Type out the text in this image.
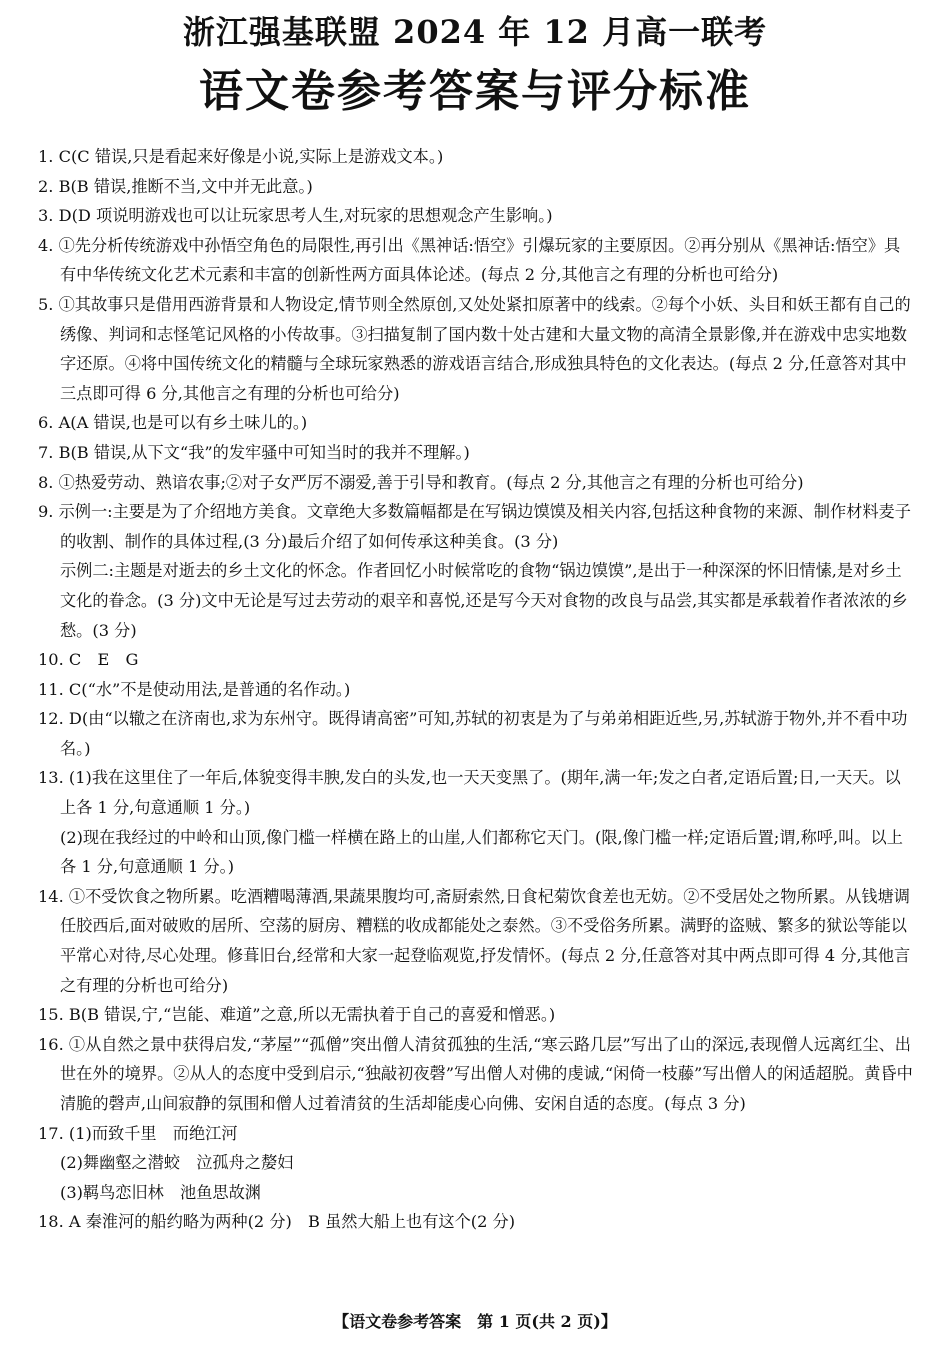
浙江强基联盟 2024 年 12 月高一联考
语文卷参考答案与评分标准

1. C(C 错误,只是看起来好像是小说,实际上是游戏文本。)

2. B(B 错误,推断不当,文中并无此意。)

3. D(D 项说明游戏也可以让玩家思考人生,对玩家的思想观念产生影响。)

4. ①先分析传统游戏中孙悟空角色的局限性,再引出《黑神话:悟空》引爆玩家的主要原因。②再分别从《黑神话:悟空》具有中华传统文化艺术元素和丰富的创新性两方面具体论述。(每点 2 分,其他言之有理的分析也可给分)

5. ①其故事只是借用西游背景和人物设定,情节则全然原创,又处处紧扣原著中的线索。②每个小妖、头目和妖王都有自己的绣像、判词和志怪笔记风格的小传故事。③扫描复制了国内数十处古建和大量文物的高清全景影像,并在游戏中忠实地数字还原。④将中国传统文化的精髓与全球玩家熟悉的游戏语言结合,形成独具特色的文化表达。(每点 2 分,任意答对其中三点即可得 6 分,其他言之有理的分析也可给分)

6. A(A 错误,也是可以有乡土味儿的。)

7. B(B 错误,从下文“我”的发牢骚中可知当时的我并不理解。)

8. ①热爱劳动、熟谙农事;②对子女严厉不溺爱,善于引导和教育。(每点 2 分,其他言之有理的分析也可给分)

9. 示例一:主要是为了介绍地方美食。文章绝大多数篇幅都是在写锅边馍馍及相关内容,包括这种食物的来源、制作材料麦子的收割、制作的具体过程,(3 分)最后介绍了如何传承这种美食。(3 分)

示例二:主题是对逝去的乡土文化的怀念。作者回忆小时候常吃的食物“锅边馍馍”,是出于一种深深的怀旧情愫,是对乡土文化的眷念。(3 分)文中无论是写过去劳动的艰辛和喜悦,还是写今天对食物的改良与品尝,其实都是承载着作者浓浓的乡愁。(3 分)

10. C　E　G

11. C(“水”不是使动用法,是普通的名作动。)

12. D(由“以辙之在济南也,求为东州守。既得请高密”可知,苏轼的初衷是为了与弟弟相距近些,另,苏轼游于物外,并不看中功名。)

13. (1)我在这里住了一年后,体貌变得丰腴,发白的头发,也一天天变黑了。(期年,满一年;发之白者,定语后置;日,一天天。以上各 1 分,句意通顺 1 分。)

(2)现在我经过的中岭和山顶,像门槛一样横在路上的山崖,人们都称它天门。(限,像门槛一样;定语后置;谓,称呼,叫。以上各 1 分,句意通顺 1 分。)

14. ①不受饮食之物所累。吃酒糟喝薄酒,果蔬果腹均可,斋厨索然,日食杞菊饮食差也无妨。②不受居处之物所累。从钱塘调任胶西后,面对破败的居所、空荡的厨房、糟糕的收成都能处之泰然。③不受俗务所累。满野的盗贼、繁多的狱讼等能以平常心对待,尽心处理。修葺旧台,经常和大家一起登临观览,抒发情怀。(每点 2 分,任意答对其中两点即可得 4 分,其他言之有理的分析也可给分)

15. B(B 错误,宁,“岂能、难道”之意,所以无需执着于自己的喜爱和憎恶。)

16. ①从自然之景中获得启发,“茅屋”“孤僧”突出僧人清贫孤独的生活,“寒云路几层”写出了山的深远,表现僧人远离红尘、出世在外的境界。②从人的态度中受到启示,“独敲初夜磬”写出僧人对佛的虔诚,“闲倚一枝藤”写出僧人的闲适超脱。黄昏中清脆的磬声,山间寂静的氛围和僧人过着清贫的生活却能虔心向佛、安闲自适的态度。(每点 3 分)

17. (1)而致千里　而绝江河

(2)舞幽壑之潜蛟　泣孤舟之嫠妇

(3)羁鸟恋旧林　池鱼思故渊

18. A 秦淮河的船约略为两种(2 分)　B 虽然大船上也有这个(2 分)

【语文卷参考答案　第 1 页(共 2 页)】
